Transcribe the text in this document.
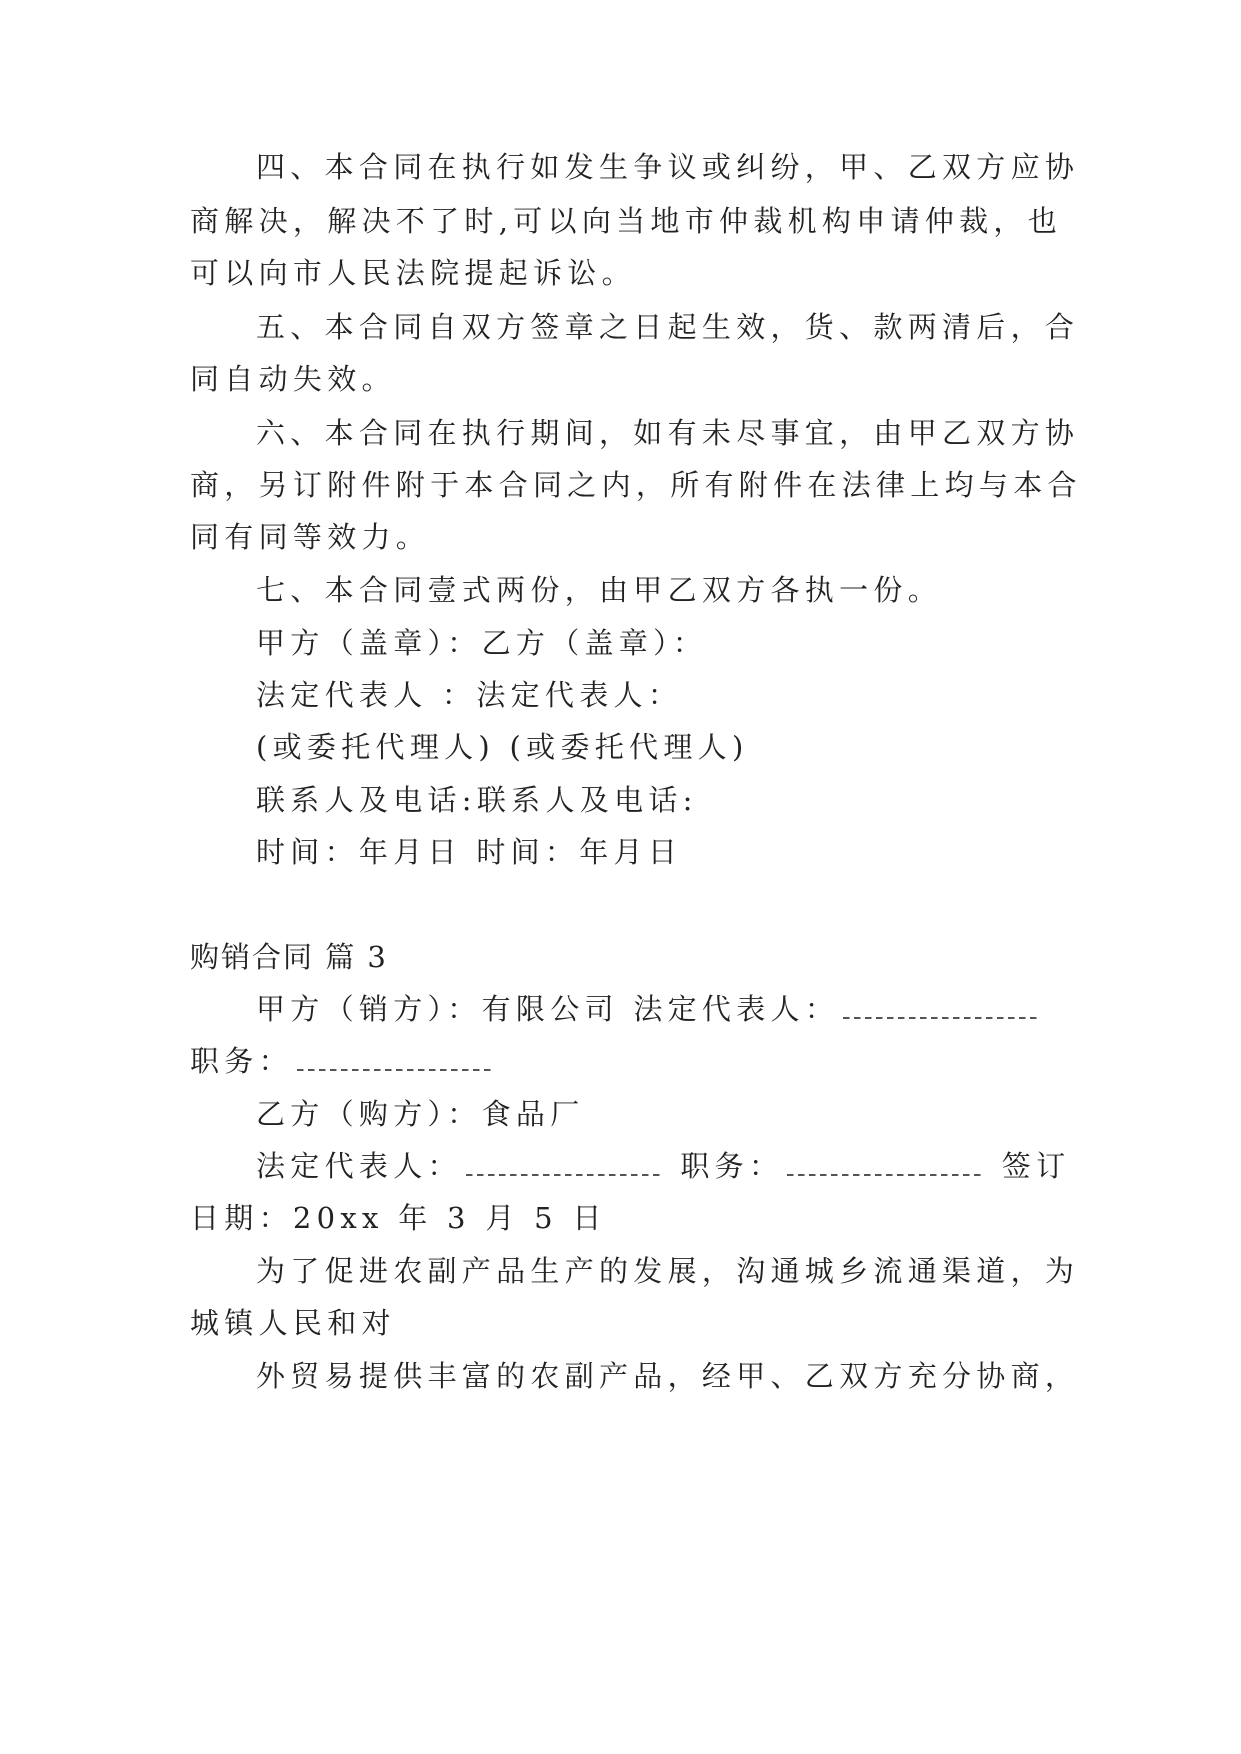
四、本合同在执行如发生争议或纠纷，甲、乙双方应协
商解决，解决不了时,可以向当地市仲裁机构申请仲裁，也
可以向市人民法院提起诉讼。
五、本合同自双方签章之日起生效，货、款两清后，合
同自动失效。
六、本合同在执行期间，如有未尽事宜，由甲乙双方协
商，另订附件附于本合同之内，所有附件在法律上均与本合
同有同等效力。
七、本合同壹式两份，由甲乙双方各执一份。
甲方（盖章）：乙方（盖章）：
法定代表人 ：法定代表人：
(或委托代理人) (或委托代理人)
联系人及电话:联系人及电话:
时间：年月日 时间：年月日
购销合同 篇 3
甲方（销方）：有限公司 法定代表人：
职务：
乙方（购方）：食品厂
法定代表人：	职务：	签订
日期：20xx 年 3 月 5 日
为了促进农副产品生产的发展，沟通城乡流通渠道，为
城镇人民和对
外贸易提供丰富的农副产品，经甲、乙双方充分协商，
